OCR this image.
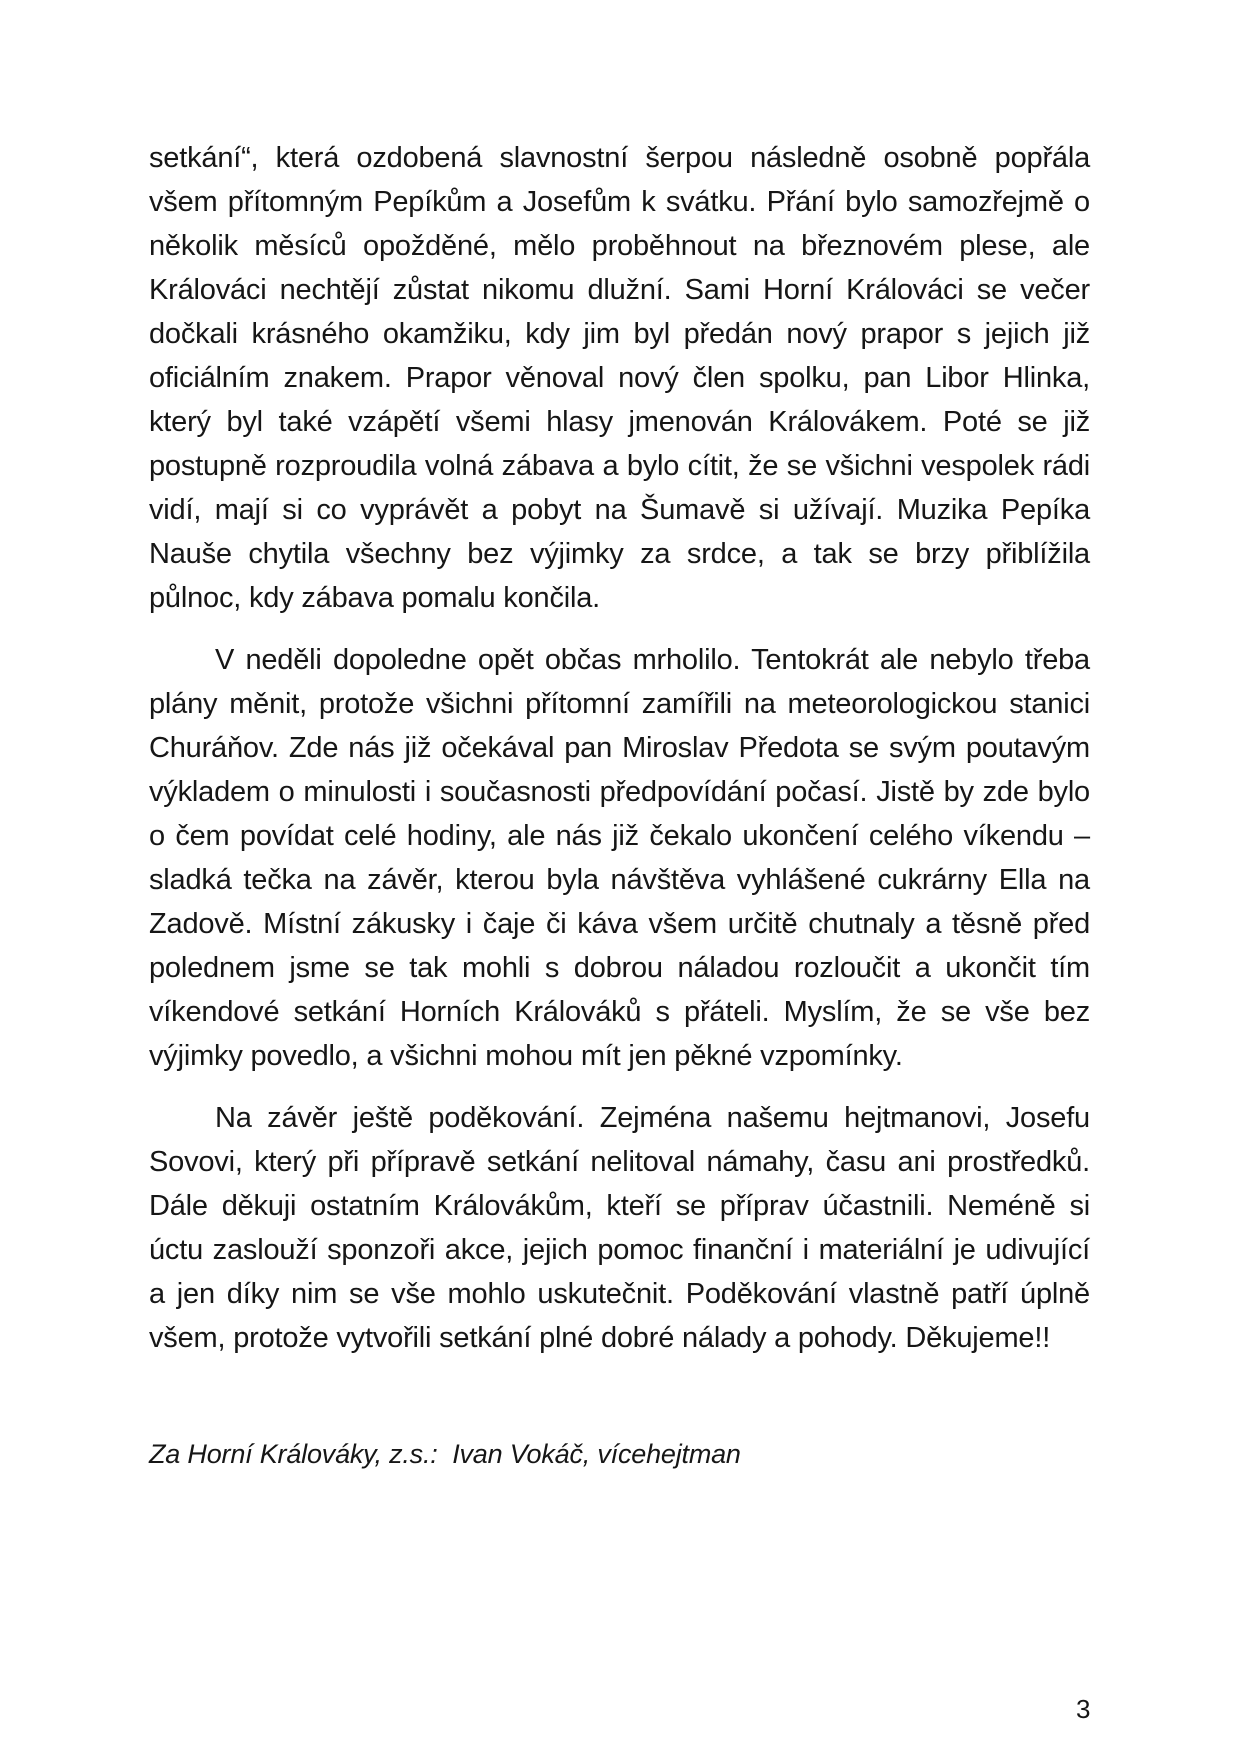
setkání“, která ozdobená slavnostní šerpou následně osobně popřála všem přítomným Pepíkům a Josefům k svátku. Přání bylo samozřejmě o několik měsíců opožděné, mělo proběhnout na březnovém plese, ale Králováci nechtějí zůstat nikomu dlužní. Sami Horní Králováci se večer dočkali krásného okamžiku, kdy jim byl předán nový prapor s jejich již oficiálním znakem. Prapor věnoval nový člen spolku, pan Libor Hlinka, který byl také vzápětí všemi hlasy jmenován Královákem. Poté se již postupně rozproudila volná zábava a bylo cítit, že se všichni vespolek rádi vidí, mají si co vyprávět a pobyt na Šumavě si užívají. Muzika Pepíka Nauše chytila všechny bez výjimky za srdce, a tak se brzy přiblížila půlnoc, kdy zábava pomalu končila.

V neděli dopoledne opět občas mrholilo. Tentokrát ale nebylo třeba plány měnit, protože všichni přítomní zamířili na meteorologickou stanici Churáňov. Zde nás již očekával pan Miroslav Předota se svým poutavým výkladem o minulosti i současnosti předpovídání počasí. Jistě by zde bylo o čem povídat celé hodiny, ale nás již čekalo ukončení celého víkendu – sladká tečka na závěr, kterou byla návštěva vyhlášené cukrárny Ella na Zadově. Místní zákusky i čaje či káva všem určitě chutnaly a těsně před polednem jsme se tak mohli s dobrou náladou rozloučit a ukončit tím víkendové setkání Horních Králováků s přáteli. Myslím, že se vše bez výjimky povedlo, a všichni mohou mít jen pěkné vzpomínky.

Na závěr ještě poděkování. Zejména našemu hejtmanovi, Josefu Sovovi, který při přípravě setkání nelitoval námahy, času ani prostředků. Dále děkuji ostatním Královákům, kteří se příprav účastnili. Neméně si úctu zaslouží sponzoři akce, jejich pomoc finanční i materiální je udivující a jen díky nim se vše mohlo uskutečnit. Poděkování vlastně patří úplně všem, protože vytvořili setkání plné dobré nálady a pohody. Děkujeme!!

Za Horní Králováky, z.s.:  Ivan Vokáč, vícehejtman

3
